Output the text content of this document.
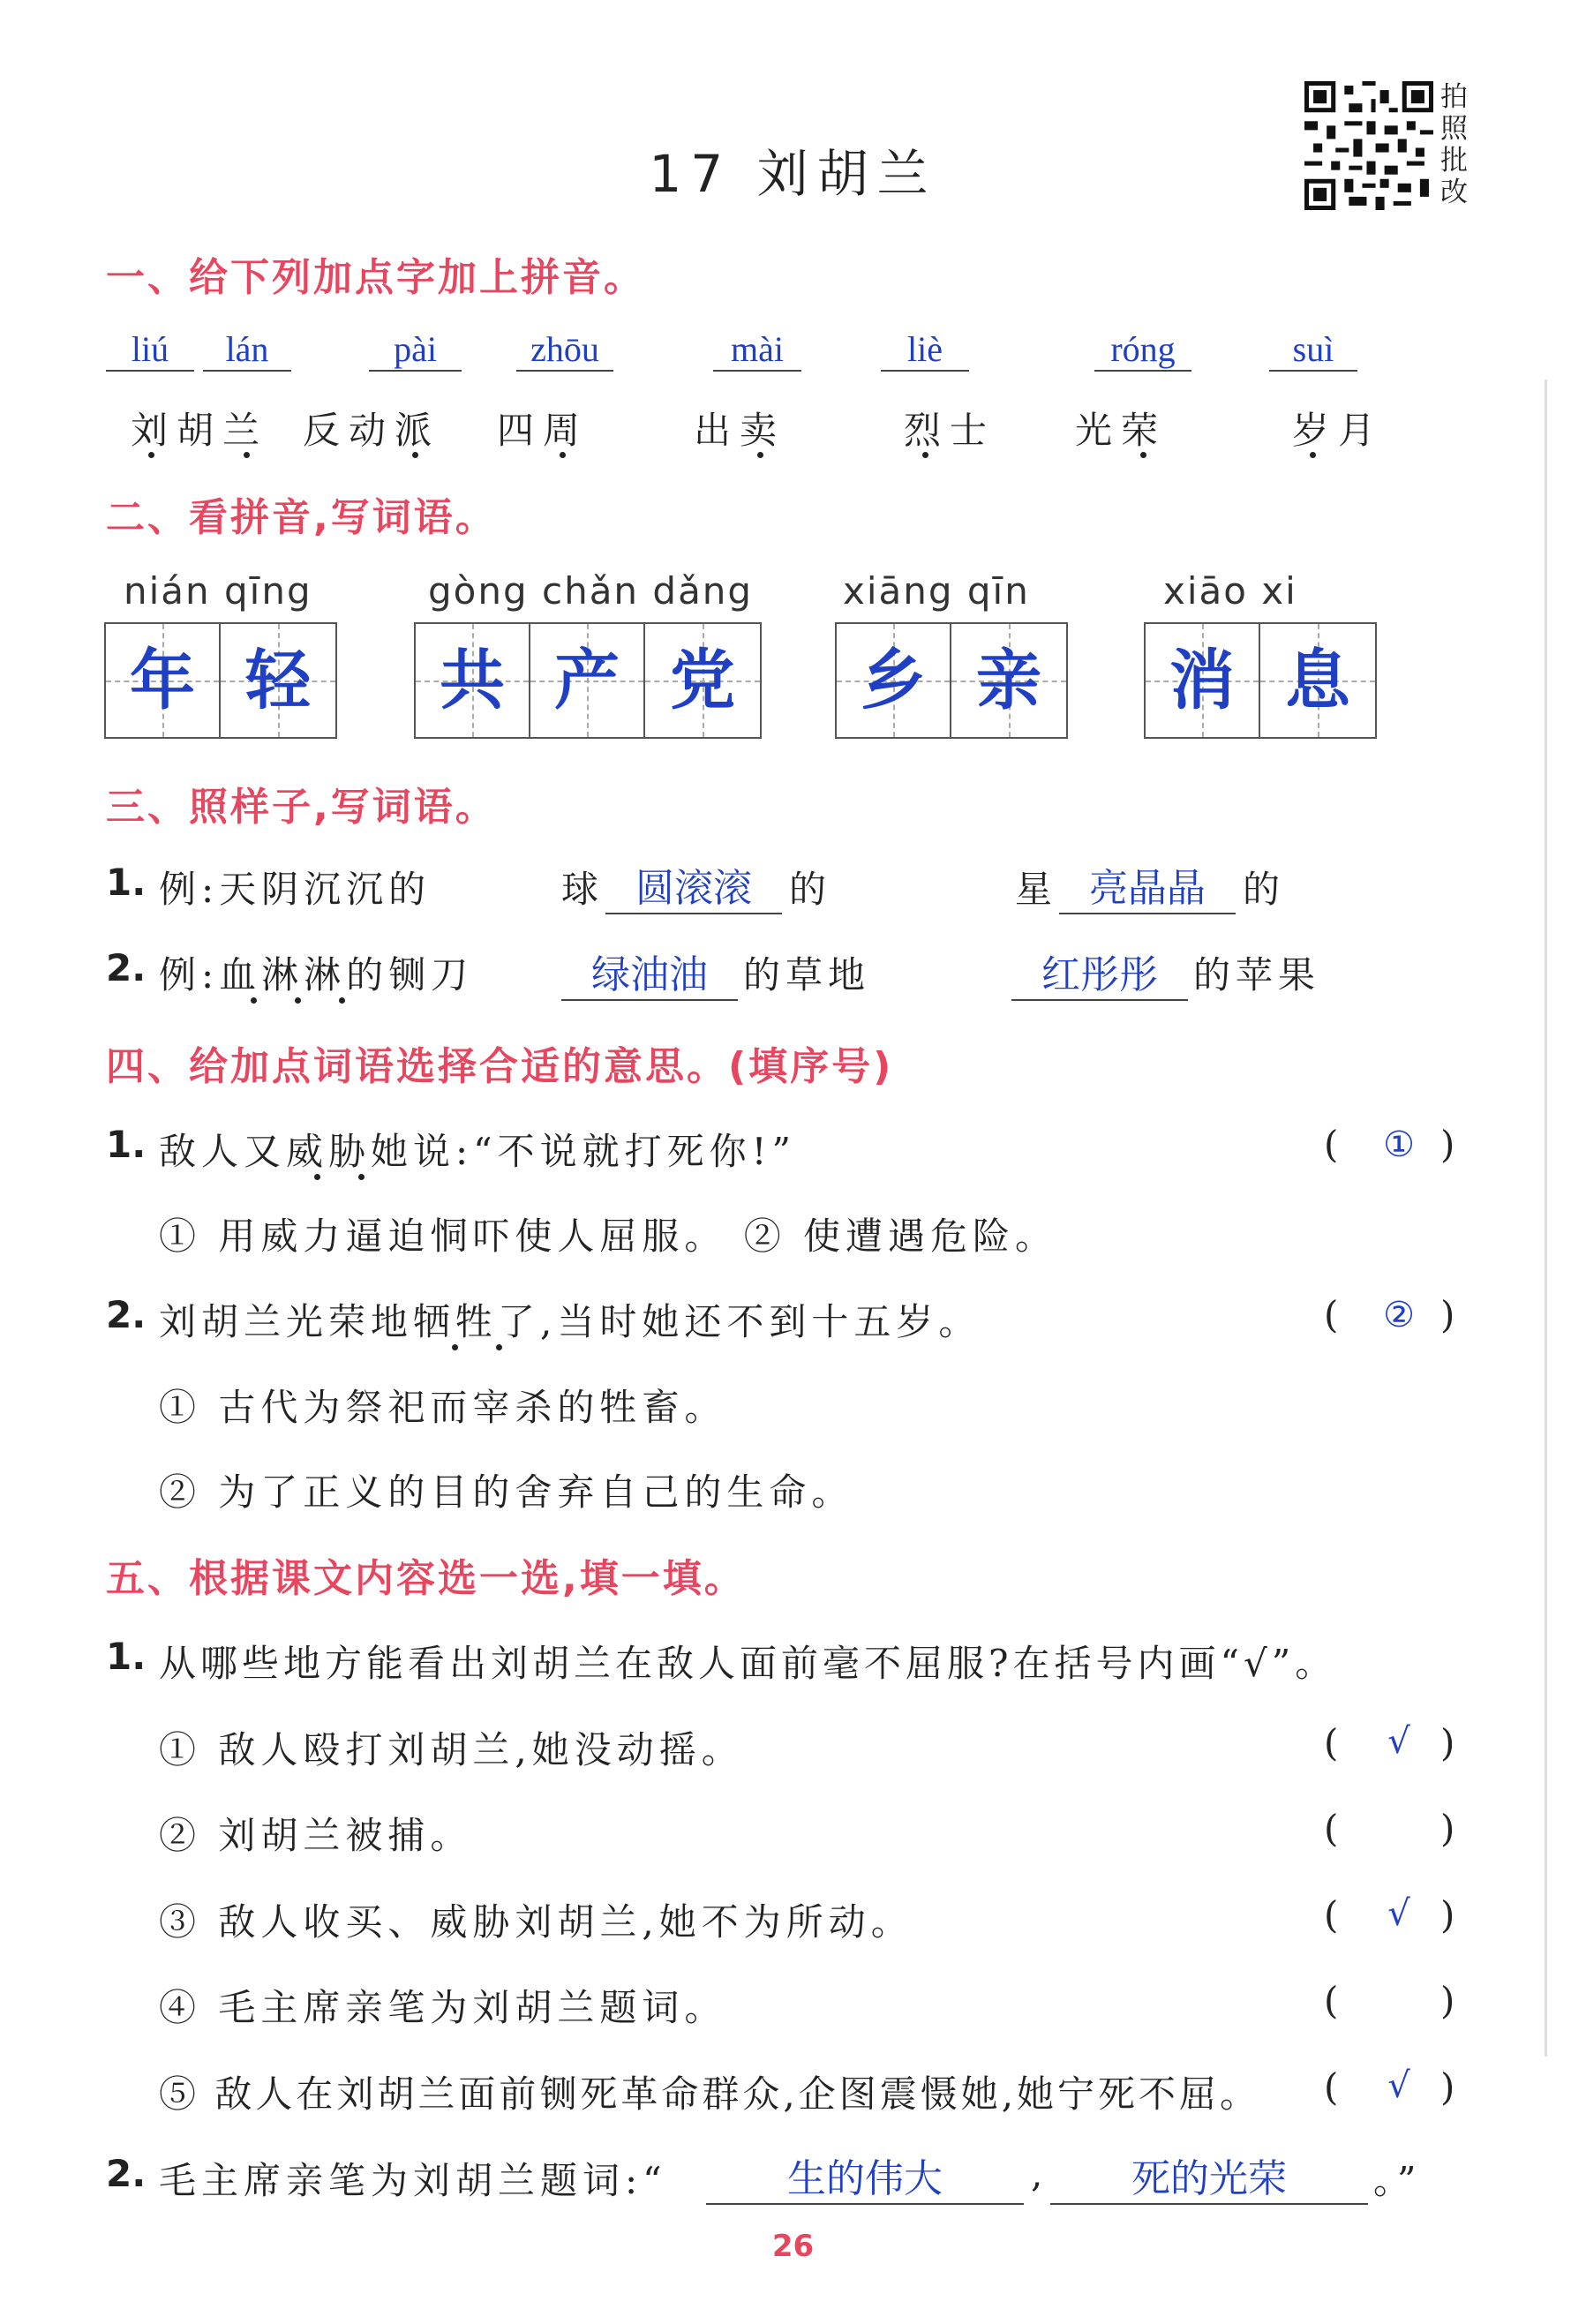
17 刘胡兰
拍照批改
一、给下列加点字加上拼音。
liú	lán	pài	zhōu	mài	liè	róng	suì
刘胡兰 反动派 四周	出卖	烈士 光荣	岁月
二、看拼音,写词语。
nián qīng	gòng chǎn dǎng xiāng qīn	xiāo xi
年 轻	共 产 党	乡 亲	消 息
三、照样子,写词语。
1. 例:天阴沉沉的	球 圆滚滚	的	星 亮晶晶	的
2. 例:血淋淋的铡刀	绿油油 的草地	红彤彤 的苹果
四、给加点词语选择合适的意思。(填序号)
1. 敌人又威胁她说:“不说就打死你!”	(	① )
① 用威力逼迫恫吓使人屈服。 ② 使遭遇危险。
2. 刘胡兰光荣地牺牲了,当时她还不到十五岁。	(	② )
① 古代为祭祀而宰杀的牲畜。
② 为了正义的目的舍弃自己的生命。
五、根据课文内容选一选,填一填。
1. 从哪些地方能看出刘胡兰在敌人面前毫不屈服?在括号内画“√”。
① 敌人殴打刘胡兰,她没动摇。	(	√ )
② 刘胡兰被捕。	(	)
③ 敌人收买、威胁刘胡兰,她不为所动。	(	√ )
④ 毛主席亲笔为刘胡兰题词。	(	)
⑤ 敌人在刘胡兰面前铡死革命群众,企图震慑她,她宁死不屈。 (	√ )
2. 毛主席亲笔为刘胡兰题词:“	生的伟大	,	死的光荣	。”
26
